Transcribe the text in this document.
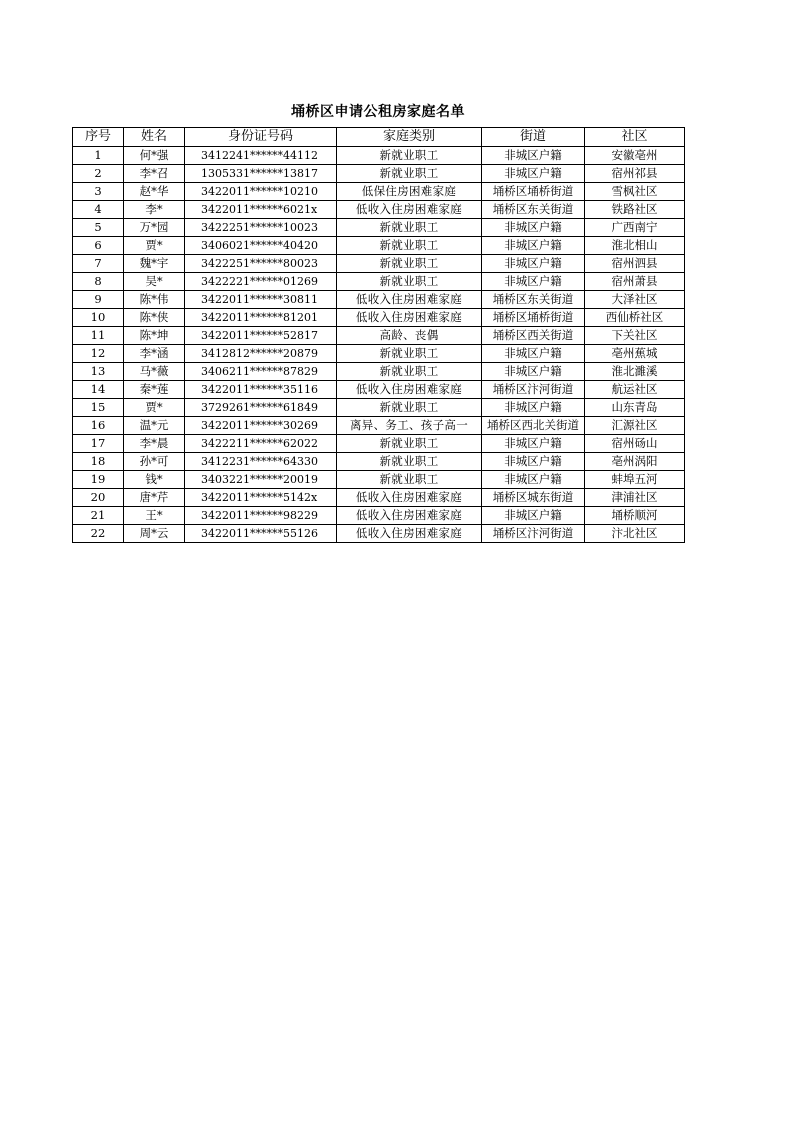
埇桥区申请公租房家庭名单
序号	姓名	身份证号码	家庭类别	街道	社区
1	何*强	3412241******44112	新就业职工	非城区户籍	安徽亳州
2	李*召	1305331******13817	新就业职工	非城区户籍	宿州祁县
3	赵*华	3422011******10210	低保住房困难家庭	埇桥区埇桥街道	雪枫社区
4	李*	3422011******6021x	低收入住房困难家庭	埇桥区东关街道	铁路社区
5	万*园	3422251******10023	新就业职工	非城区户籍	广西南宁
6	贾*	3406021******40420	新就业职工	非城区户籍	淮北相山
7	魏*宇	3422251******80023	新就业职工	非城区户籍	宿州泗县
8	吴*	3422221******01269	新就业职工	非城区户籍	宿州萧县
9	陈*伟	3422011******30811	低收入住房困难家庭	埇桥区东关街道	大泽社区
10	陈*侠	3422011******81201	低收入住房困难家庭	埇桥区埇桥街道	西仙桥社区
11	陈*坤	3422011******52817	高龄、丧偶	埇桥区西关街道	下关社区
12	李*涵	3412812******20879	新就业职工	非城区户籍	亳州蕉城
13	马*薇	3406211******87829	新就业职工	非城区户籍	淮北濉溪
14	秦*莲	3422011******35116	低收入住房困难家庭	埇桥区汴河街道	航运社区
15	贾*	3729261******61849	新就业职工	非城区户籍	山东青岛
16	温*元	3422011******30269	离异、务工、孩子高一	埇桥区西北关街道	汇源社区
17	李*晨	3422211******62022	新就业职工	非城区户籍	宿州砀山
18	孙*可	3412231******64330	新就业职工	非城区户籍	亳州涡阳
19	钱*	3403221******20019	新就业职工	非城区户籍	蚌埠五河
20	唐*芹	3422011******5142x	低收入住房困难家庭	埇桥区城东街道	津浦社区
21	王*	3422011******98229	低收入住房困难家庭	非城区户籍	埇桥顺河
22	周*云	3422011******55126	低收入住房困难家庭	埇桥区汴河街道	汴北社区
